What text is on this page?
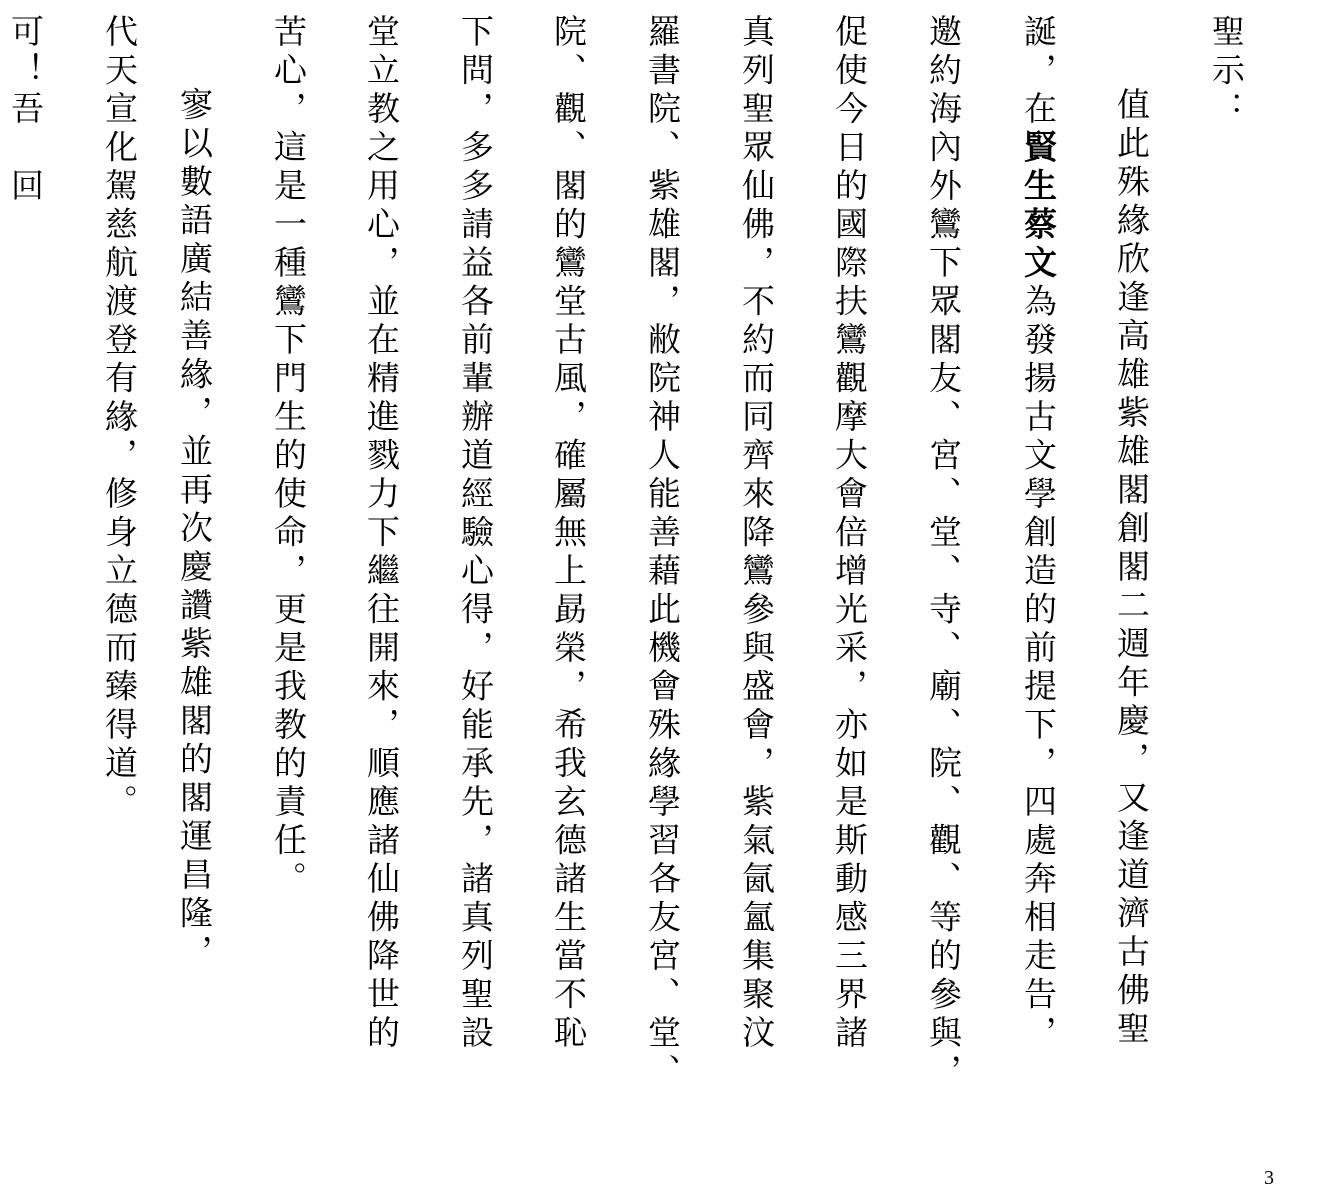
聖示：
值此殊緣欣逢高雄紫雄閣創閣二週年慶，又逢道濟古佛聖
誕，在賢生蔡文為發揚古文學創造的前提下，四處奔相走告，
邀約海內外鸞下眾閣友、宮、堂、寺、廟、院、觀、等的參與，
促使今日的國際扶鸞觀摩大會倍增光采，亦如是斯動感三界諸
真列聖眾仙佛，不約而同齊來降鸞參與盛會，紫氣氤氳集聚汶
羅書院、紫雄閣，敝院神人能善藉此機會殊緣學習各友宮、堂、
院、觀、閣的鸞堂古風，確屬無上勗榮，希我玄德諸生當不恥
下問，多多請益各前輩辦道經驗心得，好能承先，諸真列聖設
堂立教之用心，並在精進戮力下繼往開來，順應諸仙佛降世的
苦心，這是一種鸞下門生的使命，更是我教的責任。
寥以數語廣結善緣，並再次慶讚紫雄閣的閣運昌隆，
代天宣化駕慈航渡登有緣，修身立德而臻得道。
可！吾　回
3
